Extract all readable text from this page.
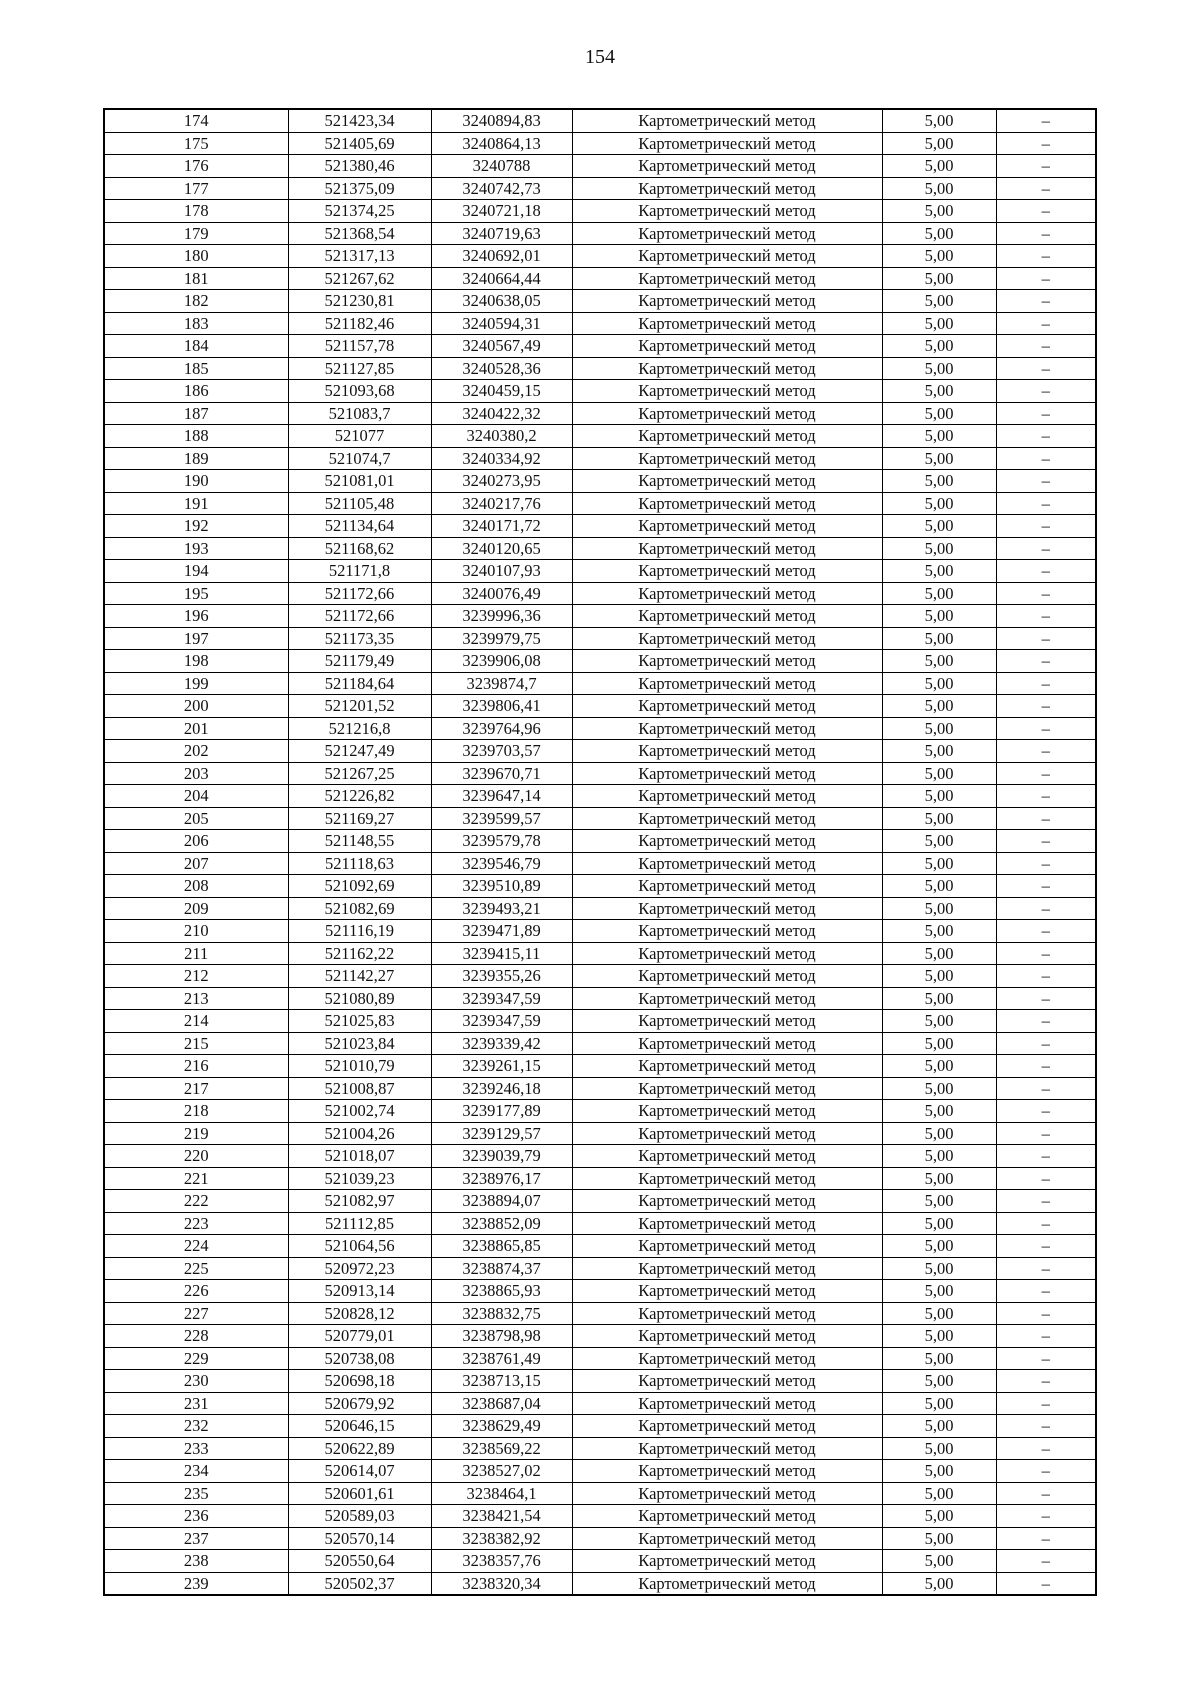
154
174	521423,34	3240894,83	Картометрический метод	5,00	–
175	521405,69	3240864,13	Картометрический метод	5,00	–
176	521380,46	3240788	Картометрический метод	5,00	–
177	521375,09	3240742,73	Картометрический метод	5,00	–
178	521374,25	3240721,18	Картометрический метод	5,00	–
179	521368,54	3240719,63	Картометрический метод	5,00	–
180	521317,13	3240692,01	Картометрический метод	5,00	–
181	521267,62	3240664,44	Картометрический метод	5,00	–
182	521230,81	3240638,05	Картометрический метод	5,00	–
183	521182,46	3240594,31	Картометрический метод	5,00	–
184	521157,78	3240567,49	Картометрический метод	5,00	–
185	521127,85	3240528,36	Картометрический метод	5,00	–
186	521093,68	3240459,15	Картометрический метод	5,00	–
187	521083,7	3240422,32	Картометрический метод	5,00	–
188	521077	3240380,2	Картометрический метод	5,00	–
189	521074,7	3240334,92	Картометрический метод	5,00	–
190	521081,01	3240273,95	Картометрический метод	5,00	–
191	521105,48	3240217,76	Картометрический метод	5,00	–
192	521134,64	3240171,72	Картометрический метод	5,00	–
193	521168,62	3240120,65	Картометрический метод	5,00	–
194	521171,8	3240107,93	Картометрический метод	5,00	–
195	521172,66	3240076,49	Картометрический метод	5,00	–
196	521172,66	3239996,36	Картометрический метод	5,00	–
197	521173,35	3239979,75	Картометрический метод	5,00	–
198	521179,49	3239906,08	Картометрический метод	5,00	–
199	521184,64	3239874,7	Картометрический метод	5,00	–
200	521201,52	3239806,41	Картометрический метод	5,00	–
201	521216,8	3239764,96	Картометрический метод	5,00	–
202	521247,49	3239703,57	Картометрический метод	5,00	–
203	521267,25	3239670,71	Картометрический метод	5,00	–
204	521226,82	3239647,14	Картометрический метод	5,00	–
205	521169,27	3239599,57	Картометрический метод	5,00	–
206	521148,55	3239579,78	Картометрический метод	5,00	–
207	521118,63	3239546,79	Картометрический метод	5,00	–
208	521092,69	3239510,89	Картометрический метод	5,00	–
209	521082,69	3239493,21	Картометрический метод	5,00	–
210	521116,19	3239471,89	Картометрический метод	5,00	–
211	521162,22	3239415,11	Картометрический метод	5,00	–
212	521142,27	3239355,26	Картометрический метод	5,00	–
213	521080,89	3239347,59	Картометрический метод	5,00	–
214	521025,83	3239347,59	Картометрический метод	5,00	–
215	521023,84	3239339,42	Картометрический метод	5,00	–
216	521010,79	3239261,15	Картометрический метод	5,00	–
217	521008,87	3239246,18	Картометрический метод	5,00	–
218	521002,74	3239177,89	Картометрический метод	5,00	–
219	521004,26	3239129,57	Картометрический метод	5,00	–
220	521018,07	3239039,79	Картометрический метод	5,00	–
221	521039,23	3238976,17	Картометрический метод	5,00	–
222	521082,97	3238894,07	Картометрический метод	5,00	–
223	521112,85	3238852,09	Картометрический метод	5,00	–
224	521064,56	3238865,85	Картометрический метод	5,00	–
225	520972,23	3238874,37	Картометрический метод	5,00	–
226	520913,14	3238865,93	Картометрический метод	5,00	–
227	520828,12	3238832,75	Картометрический метод	5,00	–
228	520779,01	3238798,98	Картометрический метод	5,00	–
229	520738,08	3238761,49	Картометрический метод	5,00	–
230	520698,18	3238713,15	Картометрический метод	5,00	–
231	520679,92	3238687,04	Картометрический метод	5,00	–
232	520646,15	3238629,49	Картометрический метод	5,00	–
233	520622,89	3238569,22	Картометрический метод	5,00	–
234	520614,07	3238527,02	Картометрический метод	5,00	–
235	520601,61	3238464,1	Картометрический метод	5,00	–
236	520589,03	3238421,54	Картометрический метод	5,00	–
237	520570,14	3238382,92	Картометрический метод	5,00	–
238	520550,64	3238357,76	Картометрический метод	5,00	–
239	520502,37	3238320,34	Картометрический метод	5,00	–
